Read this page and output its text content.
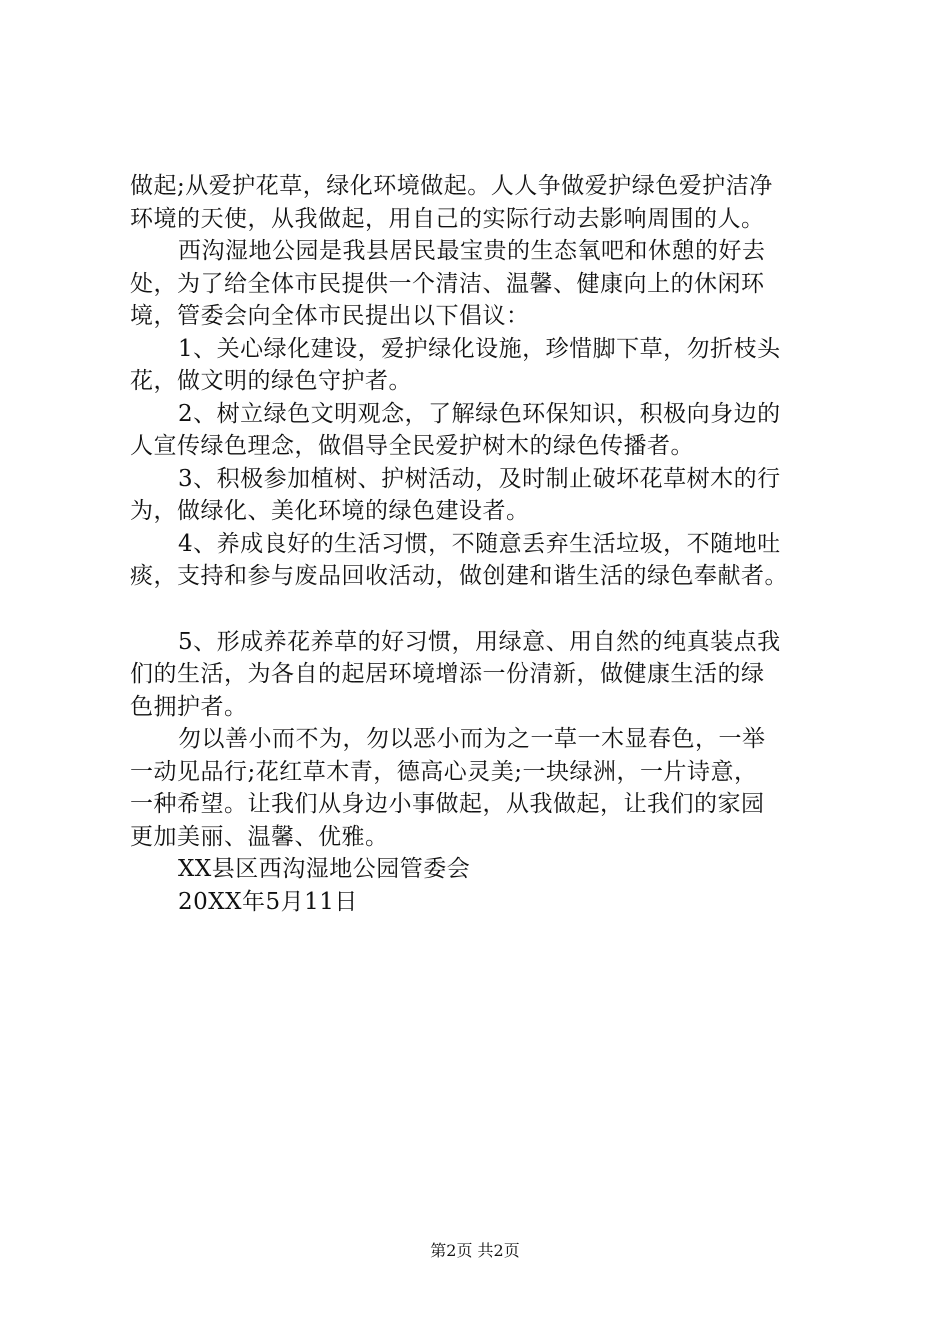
做起;从爱护花草，绿化环境做起。人人争做爱护绿色爱护洁净
环境的天使，从我做起，用自己的实际行动去影响周围的人。

西沟湿地公园是我县居民最宝贵的生态氧吧和休憩的好去
处，为了给全体市民提供一个清洁、温馨、健康向上的休闲环
境，管委会向全体市民提出以下倡议：

1、关心绿化建设，爱护绿化设施，珍惜脚下草，勿折枝头
花，做文明的绿色守护者。

2、树立绿色文明观念，了解绿色环保知识，积极向身边的
人宣传绿色理念，做倡导全民爱护树木的绿色传播者。

3、积极参加植树、护树活动，及时制止破坏花草树木的行
为，做绿化、美化环境的绿色建设者。

4、养成良好的生活习惯，不随意丢弃生活垃圾，不随地吐
痰，支持和参与废品回收活动，做创建和谐生活的绿色奉献者。

5、形成养花养草的好习惯，用绿意、用自然的纯真装点我
们的生活，为各自的起居环境增添一份清新，做健康生活的绿
色拥护者。

勿以善小而不为，勿以恶小而为之一草一木显春色，一举
一动见品行;花红草木青，德高心灵美;一块绿洲，一片诗意，
一种希望。让我们从身边小事做起，从我做起，让我们的家园
更加美丽、温馨、优雅。

XX县区西沟湿地公园管委会

20XX年5月11日

第2页 共2页
